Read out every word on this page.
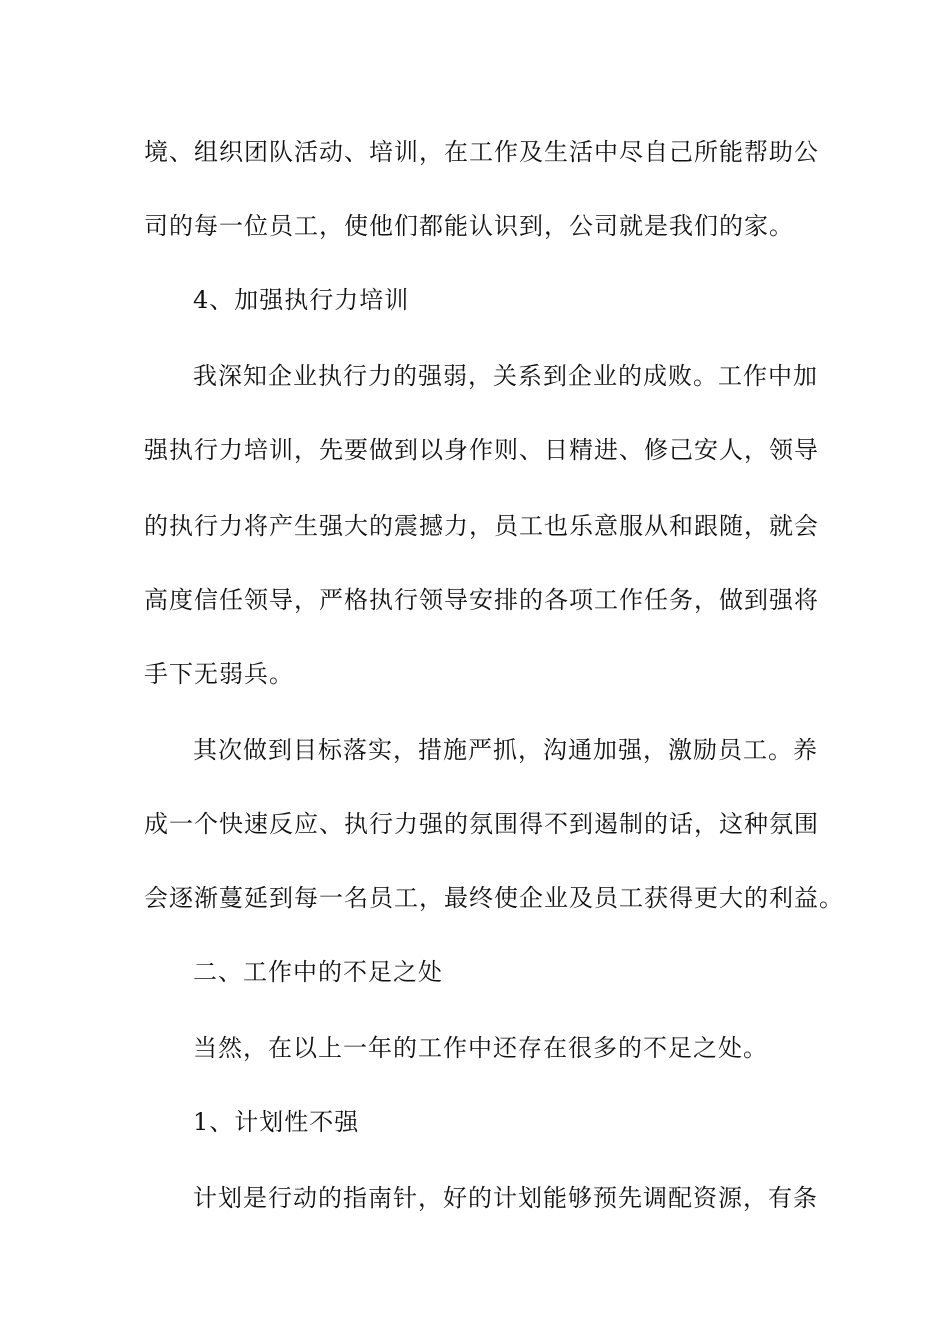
境、组织团队活动、培训，在工作及生活中尽自己所能帮助公
司的每一位员工，使他们都能认识到，公司就是我们的家。
4、加强执行力培训
我深知企业执行力的强弱，关系到企业的成败。工作中加
强执行力培训，先要做到以身作则、日精进、修己安人，领导
的执行力将产生强大的震撼力，员工也乐意服从和跟随，就会
高度信任领导，严格执行领导安排的各项工作任务，做到强将
手下无弱兵。
其次做到目标落实，措施严抓，沟通加强，激励员工。养
成一个快速反应、执行力强的氛围得不到遏制的话，这种氛围
会逐渐蔓延到每一名员工，最终使企业及员工获得更大的利益。
二、工作中的不足之处
当然，在以上一年的工作中还存在很多的不足之处。
1、计划性不强
计划是行动的指南针，好的计划能够预先调配资源，有条
